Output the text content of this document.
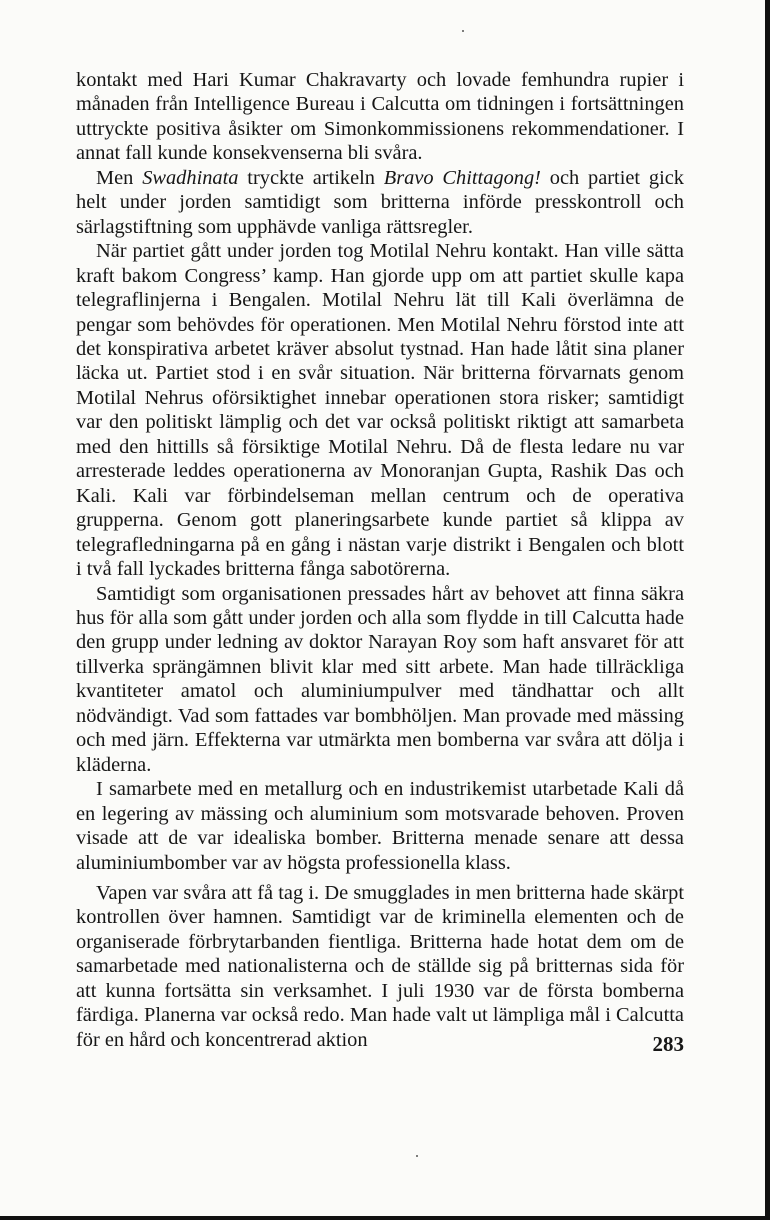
kontakt med Hari Kumar Chakravarty och lovade femhundra rupier i månaden från Intelligence Bureau i Calcutta om tidningen i fortsättningen uttryckte positiva åsikter om Simonkommissionens rekommendationer. I annat fall kunde konsekvenserna bli svåra.

Men Swadhinata tryckte artikeln Bravo Chittagong! och partiet gick helt under jorden samtidigt som britterna införde presskontroll och särlagstiftning som upphävde vanliga rättsregler.

När partiet gått under jorden tog Motilal Nehru kontakt. Han ville sätta kraft bakom Congress’ kamp. Han gjorde upp om att partiet skulle kapa telegraflinjerna i Bengalen. Motilal Nehru lät till Kali överlämna de pengar som behövdes för operationen. Men Motilal Nehru förstod inte att det konspirativa arbetet kräver absolut tystnad. Han hade låtit sina planer läcka ut. Partiet stod i en svår situation. När britterna förvarnats genom Motilal Nehrus oförsiktighet innebar operationen stora risker; samtidigt var den politiskt lämplig och det var också politiskt riktigt att samarbeta med den hittills så försiktige Motilal Nehru. Då de flesta ledare nu var arresterade leddes operationerna av Monoranjan Gupta, Rashik Das och Kali. Kali var förbindelseman mellan centrum och de operativa grupperna. Genom gott planeringsarbete kunde partiet så klippa av telegrafledningarna på en gång i nästan varje distrikt i Bengalen och blott i två fall lyckades britterna fånga sabotörerna.

Samtidigt som organisationen pressades hårt av behovet att finna säkra hus för alla som gått under jorden och alla som flydde in till Calcutta hade den grupp under ledning av doktor Narayan Roy som haft ansvaret för att tillverka sprängämnen blivit klar med sitt arbete. Man hade tillräckliga kvantiteter amatol och aluminiumpulver med tändhattar och allt nödvändigt. Vad som fattades var bombhöljen. Man provade med mässing och med järn. Effekterna var utmärkta men bomberna var svåra att dölja i kläderna.

I samarbete med en metallurg och en industrikemist utarbetade Kali då en legering av mässing och aluminium som motsvarade behoven. Proven visade att de var idealiska bomber. Britterna menade senare att dessa aluminiumbomber var av högsta professionella klass.

Vapen var svåra att få tag i. De smugglades in men britterna hade skärpt kontrollen över hamnen. Samtidigt var de kriminella elementen och de organiserade förbrytarbanden fientliga. Britterna hade hotat dem om de samarbetade med nationalisterna och de ställde sig på britternas sida för att kunna fortsätta sin verksamhet. I juli 1930 var de första bomberna färdiga. Planerna var också redo. Man hade valt ut lämpliga mål i Calcutta för en hård och koncentrerad aktion	283
